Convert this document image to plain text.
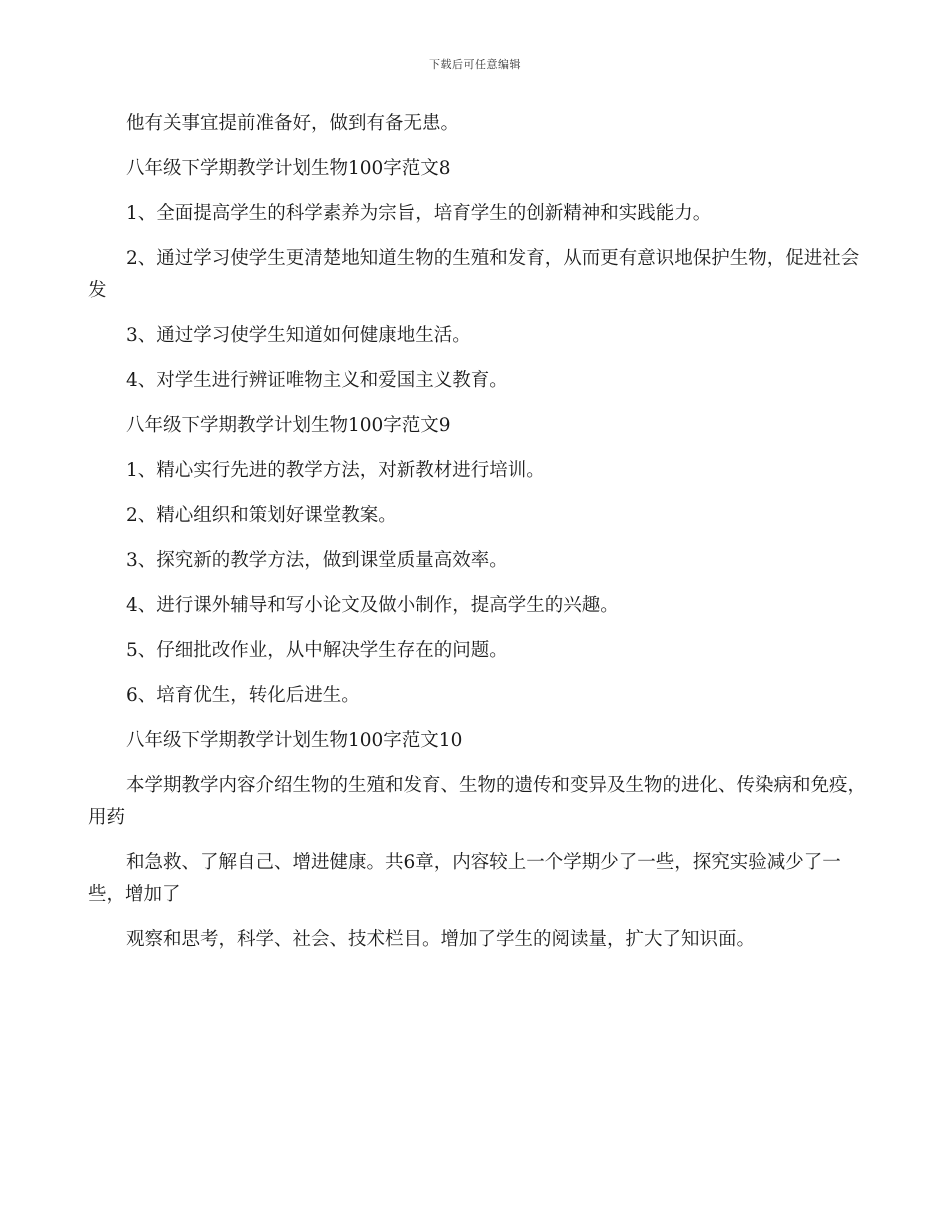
下载后可任意编辑

他有关事宜提前准备好，做到有备无患。

八年级下学期教学计划生物100字范文8

1、全面提高学生的科学素养为宗旨，培育学生的创新精神和实践能力。

2、通过学习使学生更清楚地知道生物的生殖和发育，从而更有意识地保护生物，促进社会发

3、通过学习使学生知道如何健康地生活。

4、对学生进行辨证唯物主义和爱国主义教育。

八年级下学期教学计划生物100字范文9

1、精心实行先进的教学方法，对新教材进行培训。

2、精心组织和策划好课堂教案。

3、探究新的教学方法，做到课堂质量高效率。

4、进行课外辅导和写小论文及做小制作，提高学生的兴趣。

5、仔细批改作业，从中解决学生存在的问题。

6、培育优生，转化后进生。

八年级下学期教学计划生物100字范文10

本学期教学内容介绍生物的生殖和发育、生物的遗传和变异及生物的进化、传染病和免疫，用药

和急救、了解自己、增进健康。共6章，内容较上一个学期少了一些，探究实验减少了一些，增加了

观察和思考，科学、社会、技术栏目。增加了学生的阅读量，扩大了知识面。
